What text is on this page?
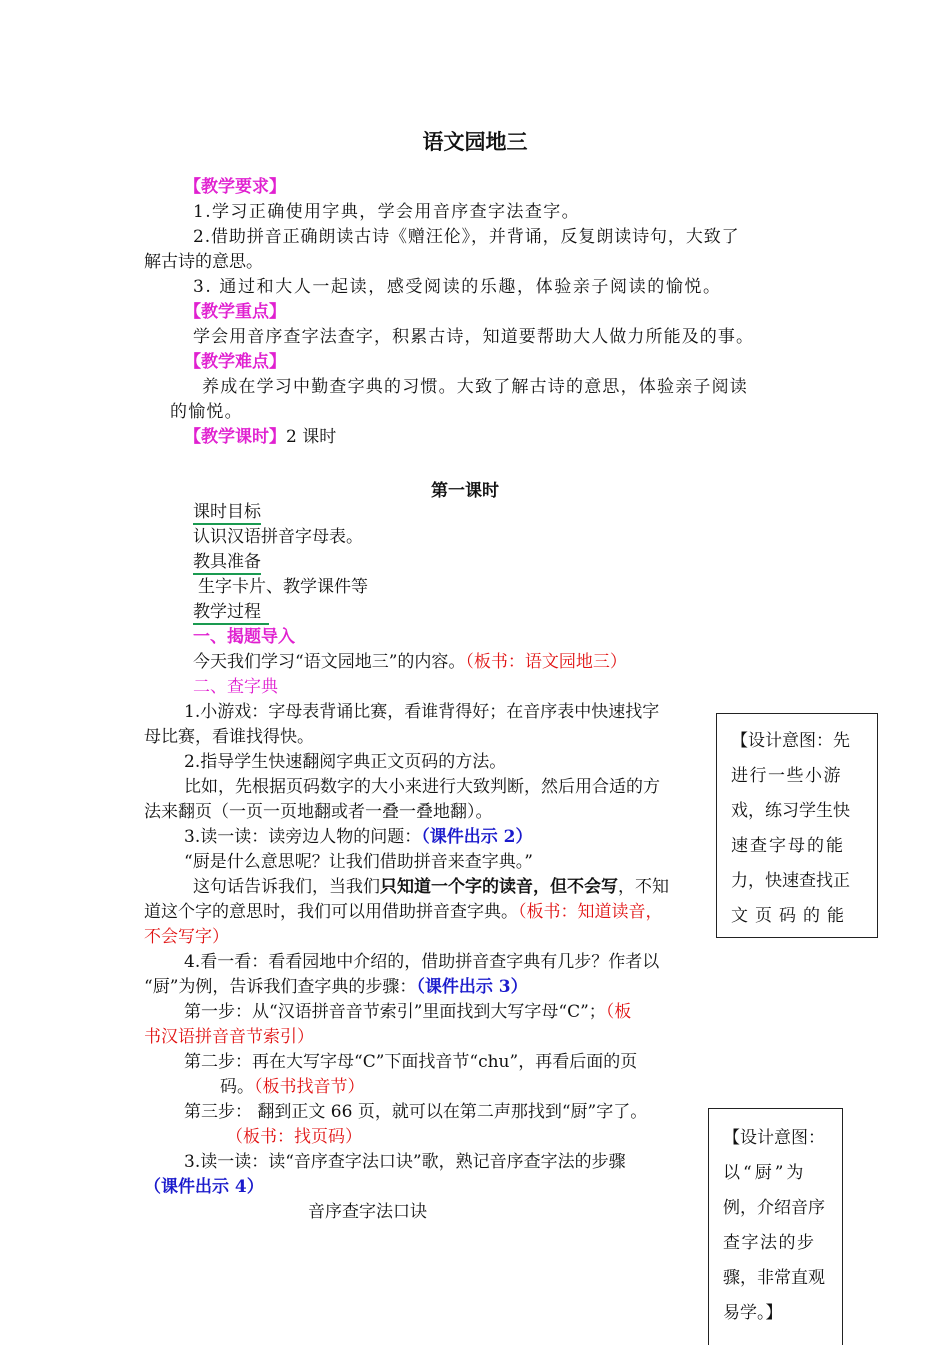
语文园地三
【教学要求】
1.学习正确使用字典，学会用音序查字法查字。
2.借助拼音正确朗读古诗《赠汪伦》，并背诵，反复朗读诗句，大致了
解古诗的意思。
3. 通过和大人一起读，感受阅读的乐趣，体验亲子阅读的愉悦。
【教学重点】
学会用音序查字法查字，积累古诗，知道要帮助大人做力所能及的事。
【教学难点】
养成在学习中勤查字典的习惯。大致了解古诗的意思，体验亲子阅读
的愉悦。
【教学课时】2 课时
第一课时
课时目标
认识汉语拼音字母表。
教具准备
生字卡片、教学课件等
教学过程
一、揭题导入
今天我们学习“语文园地三”的内容。（板书：语文园地三）
二、查字典
1.小游戏：字母表背诵比赛，看谁背得好；在音序表中快速找字
母比赛，看谁找得快。
2.指导学生快速翻阅字典正文页码的方法。
比如，先根据页码数字的大小来进行大致判断，然后用合适的方
法来翻页（一页一页地翻或者一叠一叠地翻）。
3.读一读：读旁边人物的问题：（课件出示 2）
“厨是什么意思呢？让我们借助拼音来查字典。”
这句话告诉我们，当我们只知道一个字的读音，但不会写，不知
道这个字的意思时，我们可以用借助拼音查字典。（板书：知道读音，
不会写字）
4.看一看：看看园地中介绍的，借助拼音查字典有几步？作者以
“厨”为例，告诉我们查字典的步骤：（课件出示 3）
第一步：从“汉语拼音音节索引”里面找到大写字母“C”；（板
书汉语拼音音节索引）
第二步：再在大写字母“C”下面找音节“chu”，再看后面的页
码。（板书找音节）
第三步： 翻到正文 66 页，就可以在第二声那找到“厨”字了。
（板书：找页码）
3.读一读：读“音序查字法口诀”歌，熟记音序查字法的步骤
（课件出示 4）
音序查字法口诀
【设计意图：先
进行一些小游
戏，练习学生快
速查字母的能
力，快速查找正
文页码的能
【设计意图：
以“厨”为
例，介绍音序
查字法的步
骤，非常直观
易学。】
